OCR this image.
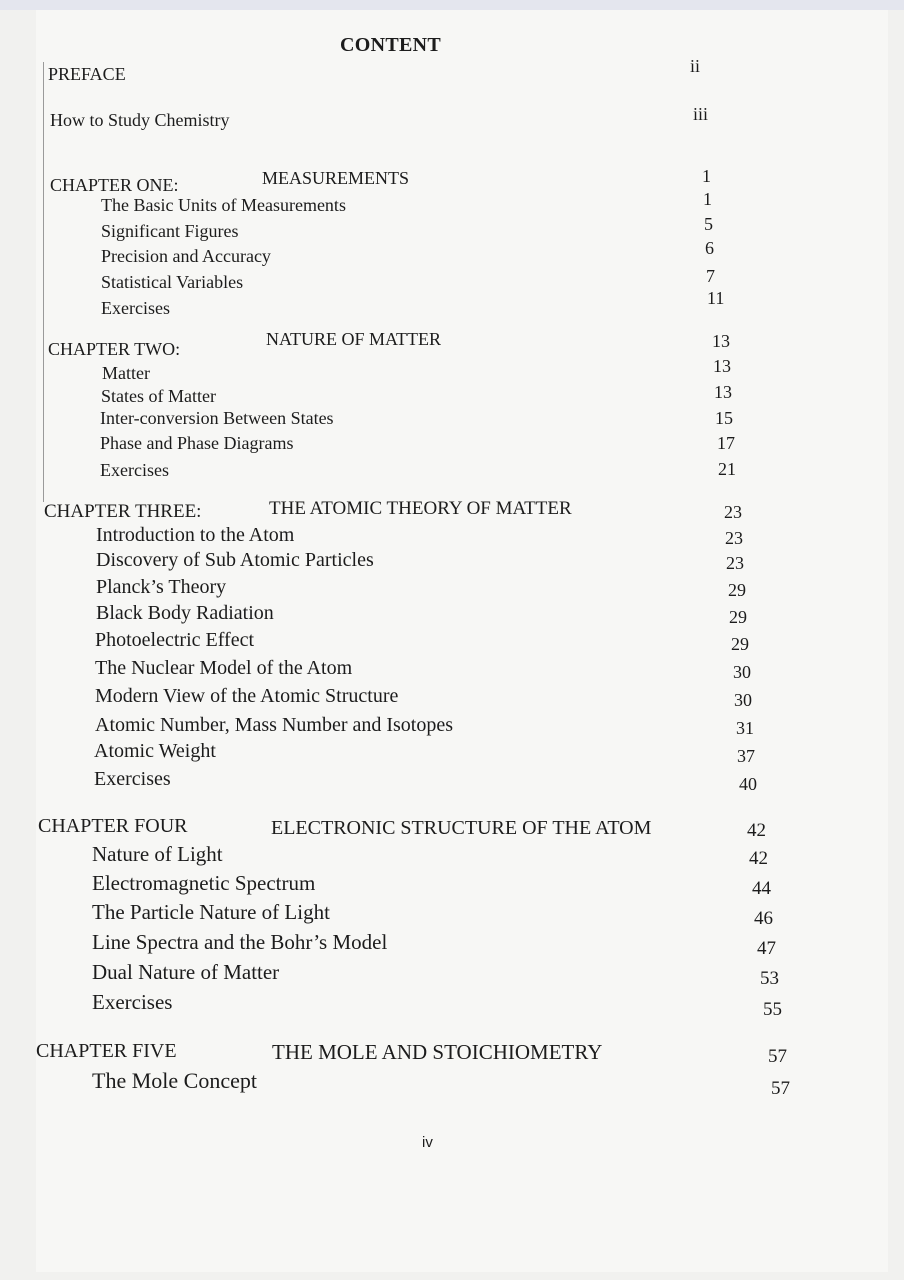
CONTENT
PREFACE	ii
How to Study Chemistry	iii
CHAPTER ONE:	MEASUREMENTS	1
The Basic Units of Measurements	1
Significant Figures	5
Precision and Accuracy	6
Statistical Variables	7
Exercises	11
CHAPTER TWO:	NATURE OF MATTER	13
Matter	13
States of Matter	13
Inter-conversion Between States	15
Phase and Phase Diagrams	17
Exercises	21
CHAPTER THREE:	THE ATOMIC THEORY OF MATTER	23
Introduction to the Atom	23
Discovery of Sub Atomic Particles	23
Planck’s Theory	29
Black Body Radiation	29
Photoelectric Effect	29
The Nuclear Model of the Atom	30
Modern View of the Atomic Structure	30
Atomic Number, Mass Number and Isotopes	31
Atomic Weight	37
Exercises	40
CHAPTER FOUR	ELECTRONIC STRUCTURE OF THE ATOM	42
Nature of Light	42
Electromagnetic Spectrum	44
The Particle Nature of Light	46
Line Spectra and the Bohr’s Model	47
Dual Nature of Matter	53
Exercises	55
CHAPTER FIVE	THE MOLE AND STOICHIOMETRY	57
The Mole Concept	57
iv
